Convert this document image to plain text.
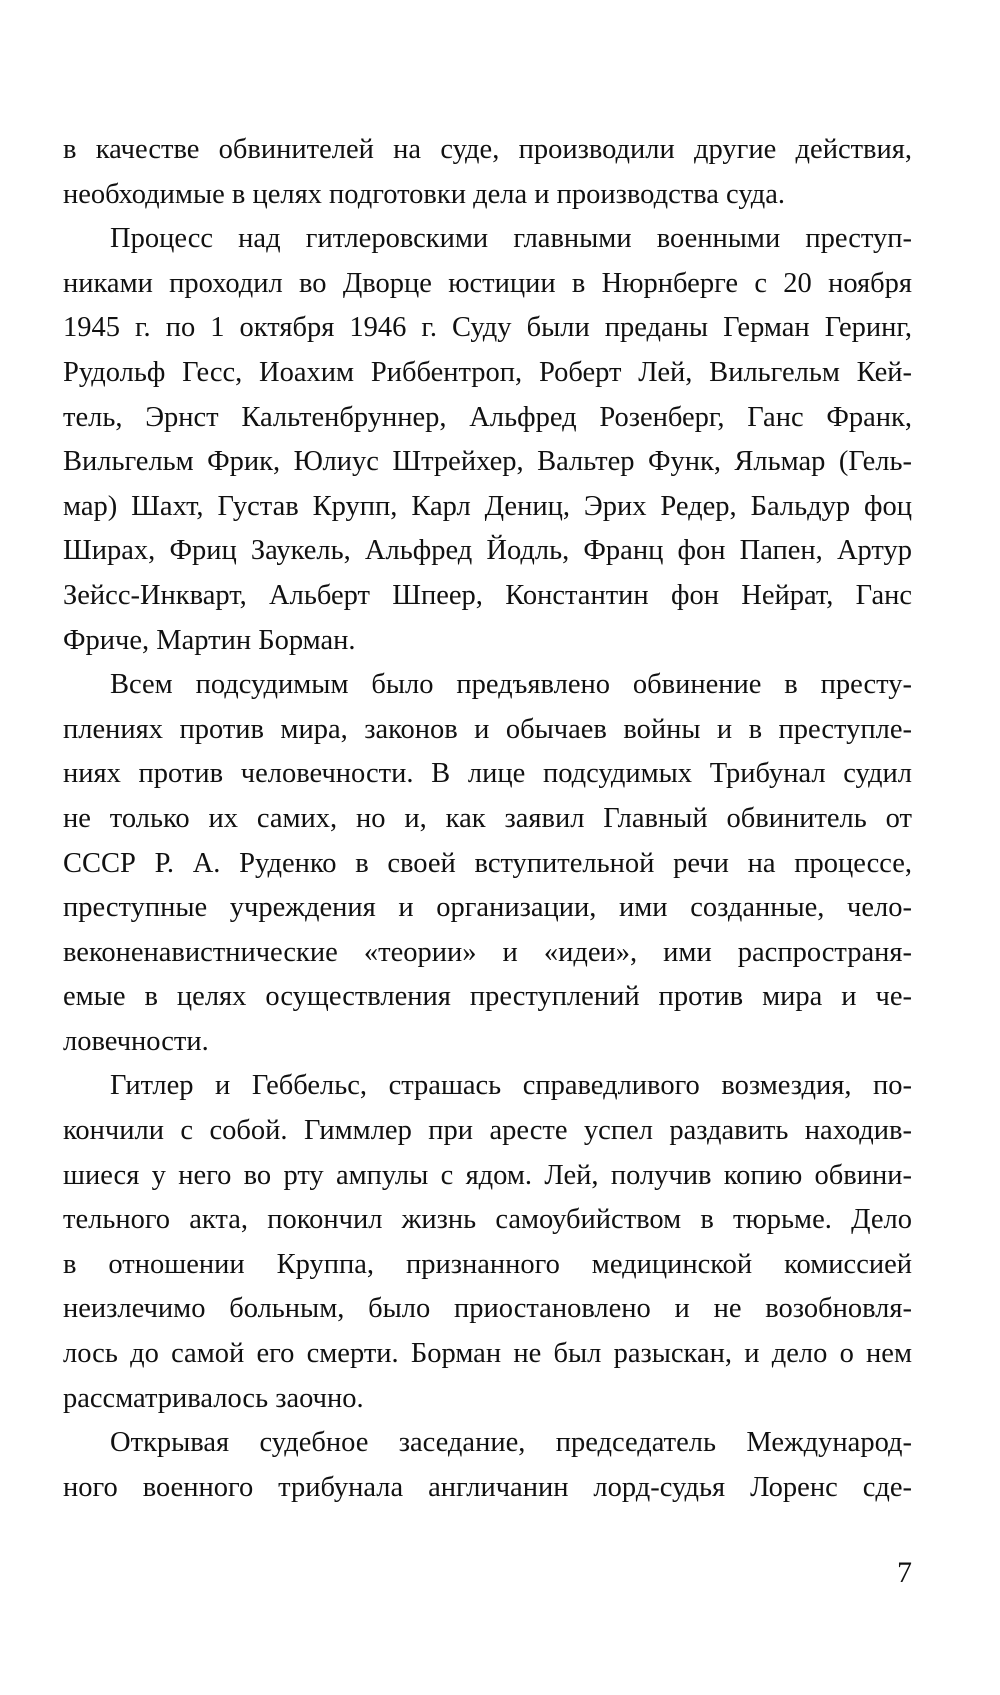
в качестве обвинителей на суде, производили другие действия,
необходимые в целях подготовки дела и производства суда.
Процесс над гитлеровскими главными военными преступ-
никами проходил во Дворце юстиции в Нюрнберге с 20 ноября
1945 г. по 1 октября 1946 г. Суду были преданы Герман Геринг,
Рудольф Гесс, Иоахим Риббентроп, Роберт Лей, Вильгельм Кей-
тель, Эрнст Кальтенбруннер, Альфред Розенберг, Ганс Франк,
Вильгельм Фрик, Юлиус Штрейхер, Вальтер Функ, Яльмар (Гель-
мар) Шахт, Густав Крупп, Карл Дениц, Эрих Редер, Бальдур фоц
Ширах, Фриц Заукель, Альфред Йодль, Франц фон Папен, Артур
Зейсс-Инкварт, Альберт Шпеер, Константин фон Нейрат, Ганс
Фриче, Мартин Борман.
Всем подсудимым было предъявлено обвинение в престу-
плениях против мира, законов и обычаев войны и в преступле-
ниях против человечности. В лице подсудимых Трибунал судил
не только их самих, но и, как заявил Главный обвинитель от
СССР Р. А. Руденко в своей вступительной речи на процессе,
преступные учреждения и организации, ими созданные, чело-
веконенавистнические «теории» и «идеи», ими распространя-
емые в целях осуществления преступлений против мира и че-
ловечности.
Гитлер и Геббельс, страшась справедливого возмездия, по-
кончили с собой. Гиммлер при аресте успел раздавить находив-
шиеся у него во рту ампулы с ядом. Лей, получив копию обвини-
тельного акта, покончил жизнь самоубийством в тюрьме. Дело
в отношении Круппа, признанного медицинской комиссией
неизлечимо больным, было приостановлено и не возобновля-
лось до самой его смерти. Борман не был разыскан, и дело о нем
рассматривалось заочно.
Открывая судебное заседание, председатель Международ-
ного военного трибунала англичанин лорд-судья Лоренс сде-
7
